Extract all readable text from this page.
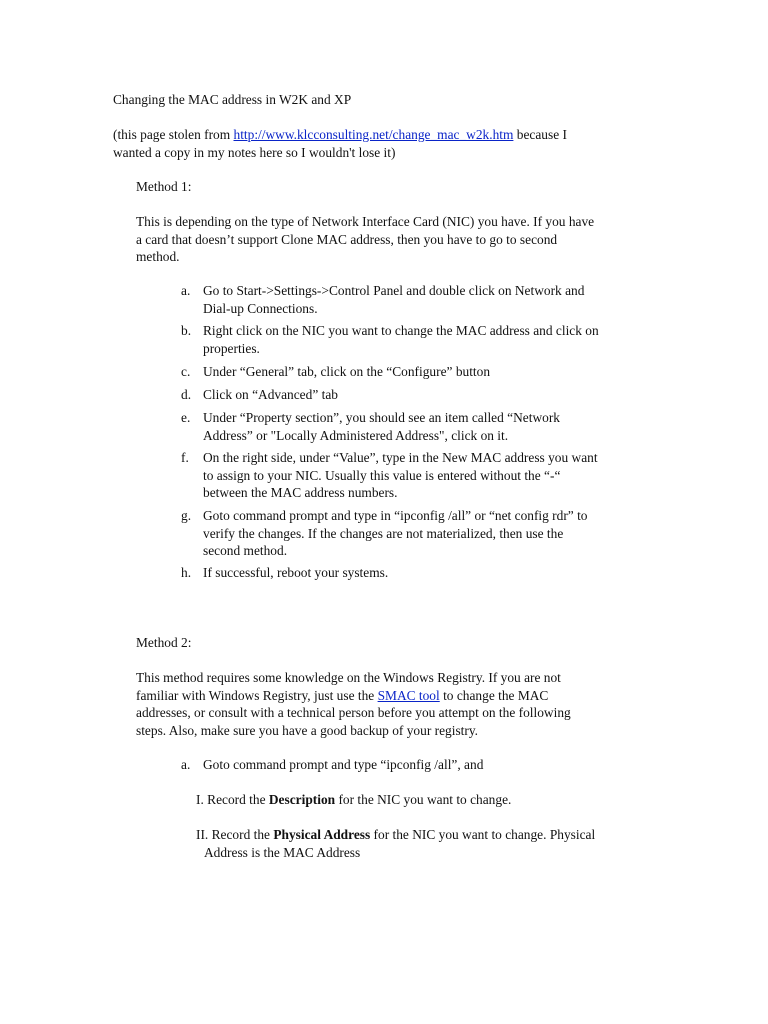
Changing the MAC address in W2K and XP
(this page stolen from http://www.klcconsulting.net/change_mac_w2k.htm because I
wanted a copy in my notes here so I wouldn't lose it)
Method 1:
This is depending on the type of Network Interface Card (NIC) you have. If you have
a card that doesn’t support Clone MAC address, then you have to go to second
method.
a. Go to Start->Settings->Control Panel and double click on Network and
Dial-up Connections.
b. Right click on the NIC you want to change the MAC address and click on
properties.
c. Under “General” tab, click on the “Configure” button
d. Click on “Advanced” tab
e. Under “Property section”, you should see an item called “Network
Address” or "Locally Administered Address", click on it.
f.	On the right side, under “Value”, type in the New MAC address you want
to assign to your NIC. Usually this value is entered without the “-“
between the MAC address numbers.
g. Goto command prompt and type in “ipconfig /all” or “net config rdr” to
verify the changes. If the changes are not materialized, then use the
second method.
h. If successful, reboot your systems.
Method 2:
This method requires some knowledge on the Windows Registry. If you are not
familiar with Windows Registry, just use the SMAC tool to change the MAC
addresses, or consult with a technical person before you attempt on the following
steps. Also, make sure you have a good backup of your registry.
a. Goto command prompt and type “ipconfig /all”, and
I. Record the Description for the NIC you want to change.
II. Record the Physical Address for the NIC you want to change. Physical
Address is the MAC Address
